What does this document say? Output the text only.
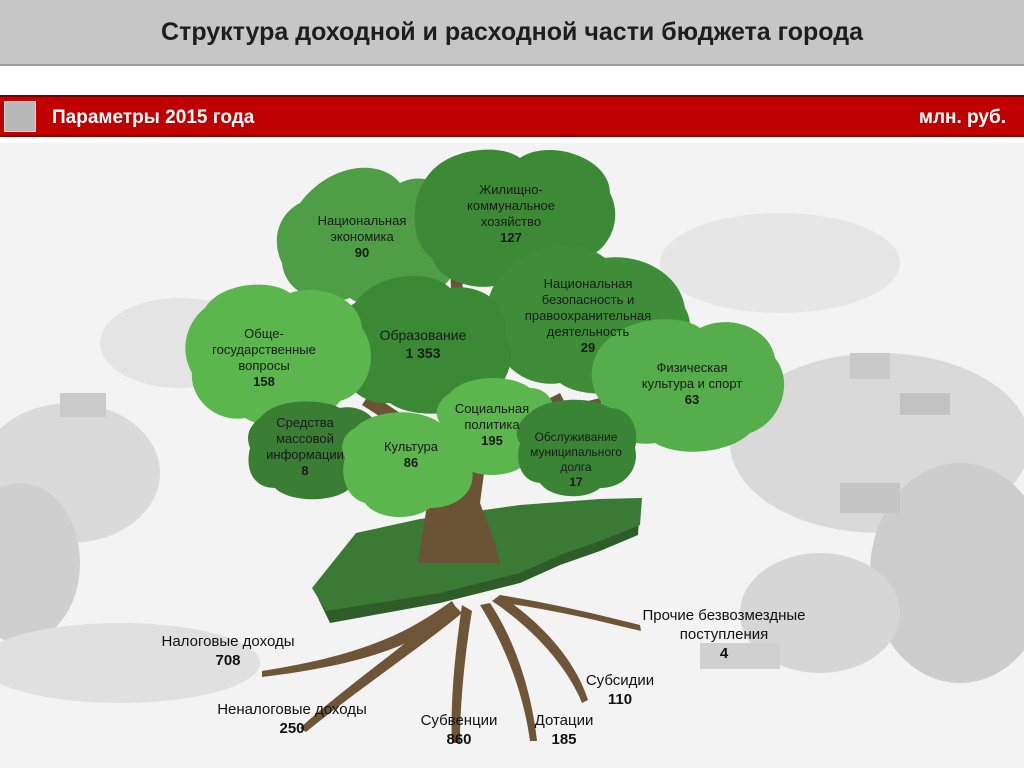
Структура доходной и расходной части бюджета города
Параметры 2015 года	млн. руб.
Национальная
экономика
90
Жилищно-
коммунальное
хозяйство
127
Национальная
безопасность и
правоохранительная
деятельность
29
Образование
1 353
Обще-
государственные
вопросы
158
Физическая
культура и спорт
63
Средства
массовой
информации
8
Культура
86
Социальная
политика
195	Обслуживание
муниципального
долга
17
Налоговые доходы
708
Неналоговые доходы
250	Субвенции
860
Дотации
185
Субсидии
110
Прочие безвозмездные
поступления
4
